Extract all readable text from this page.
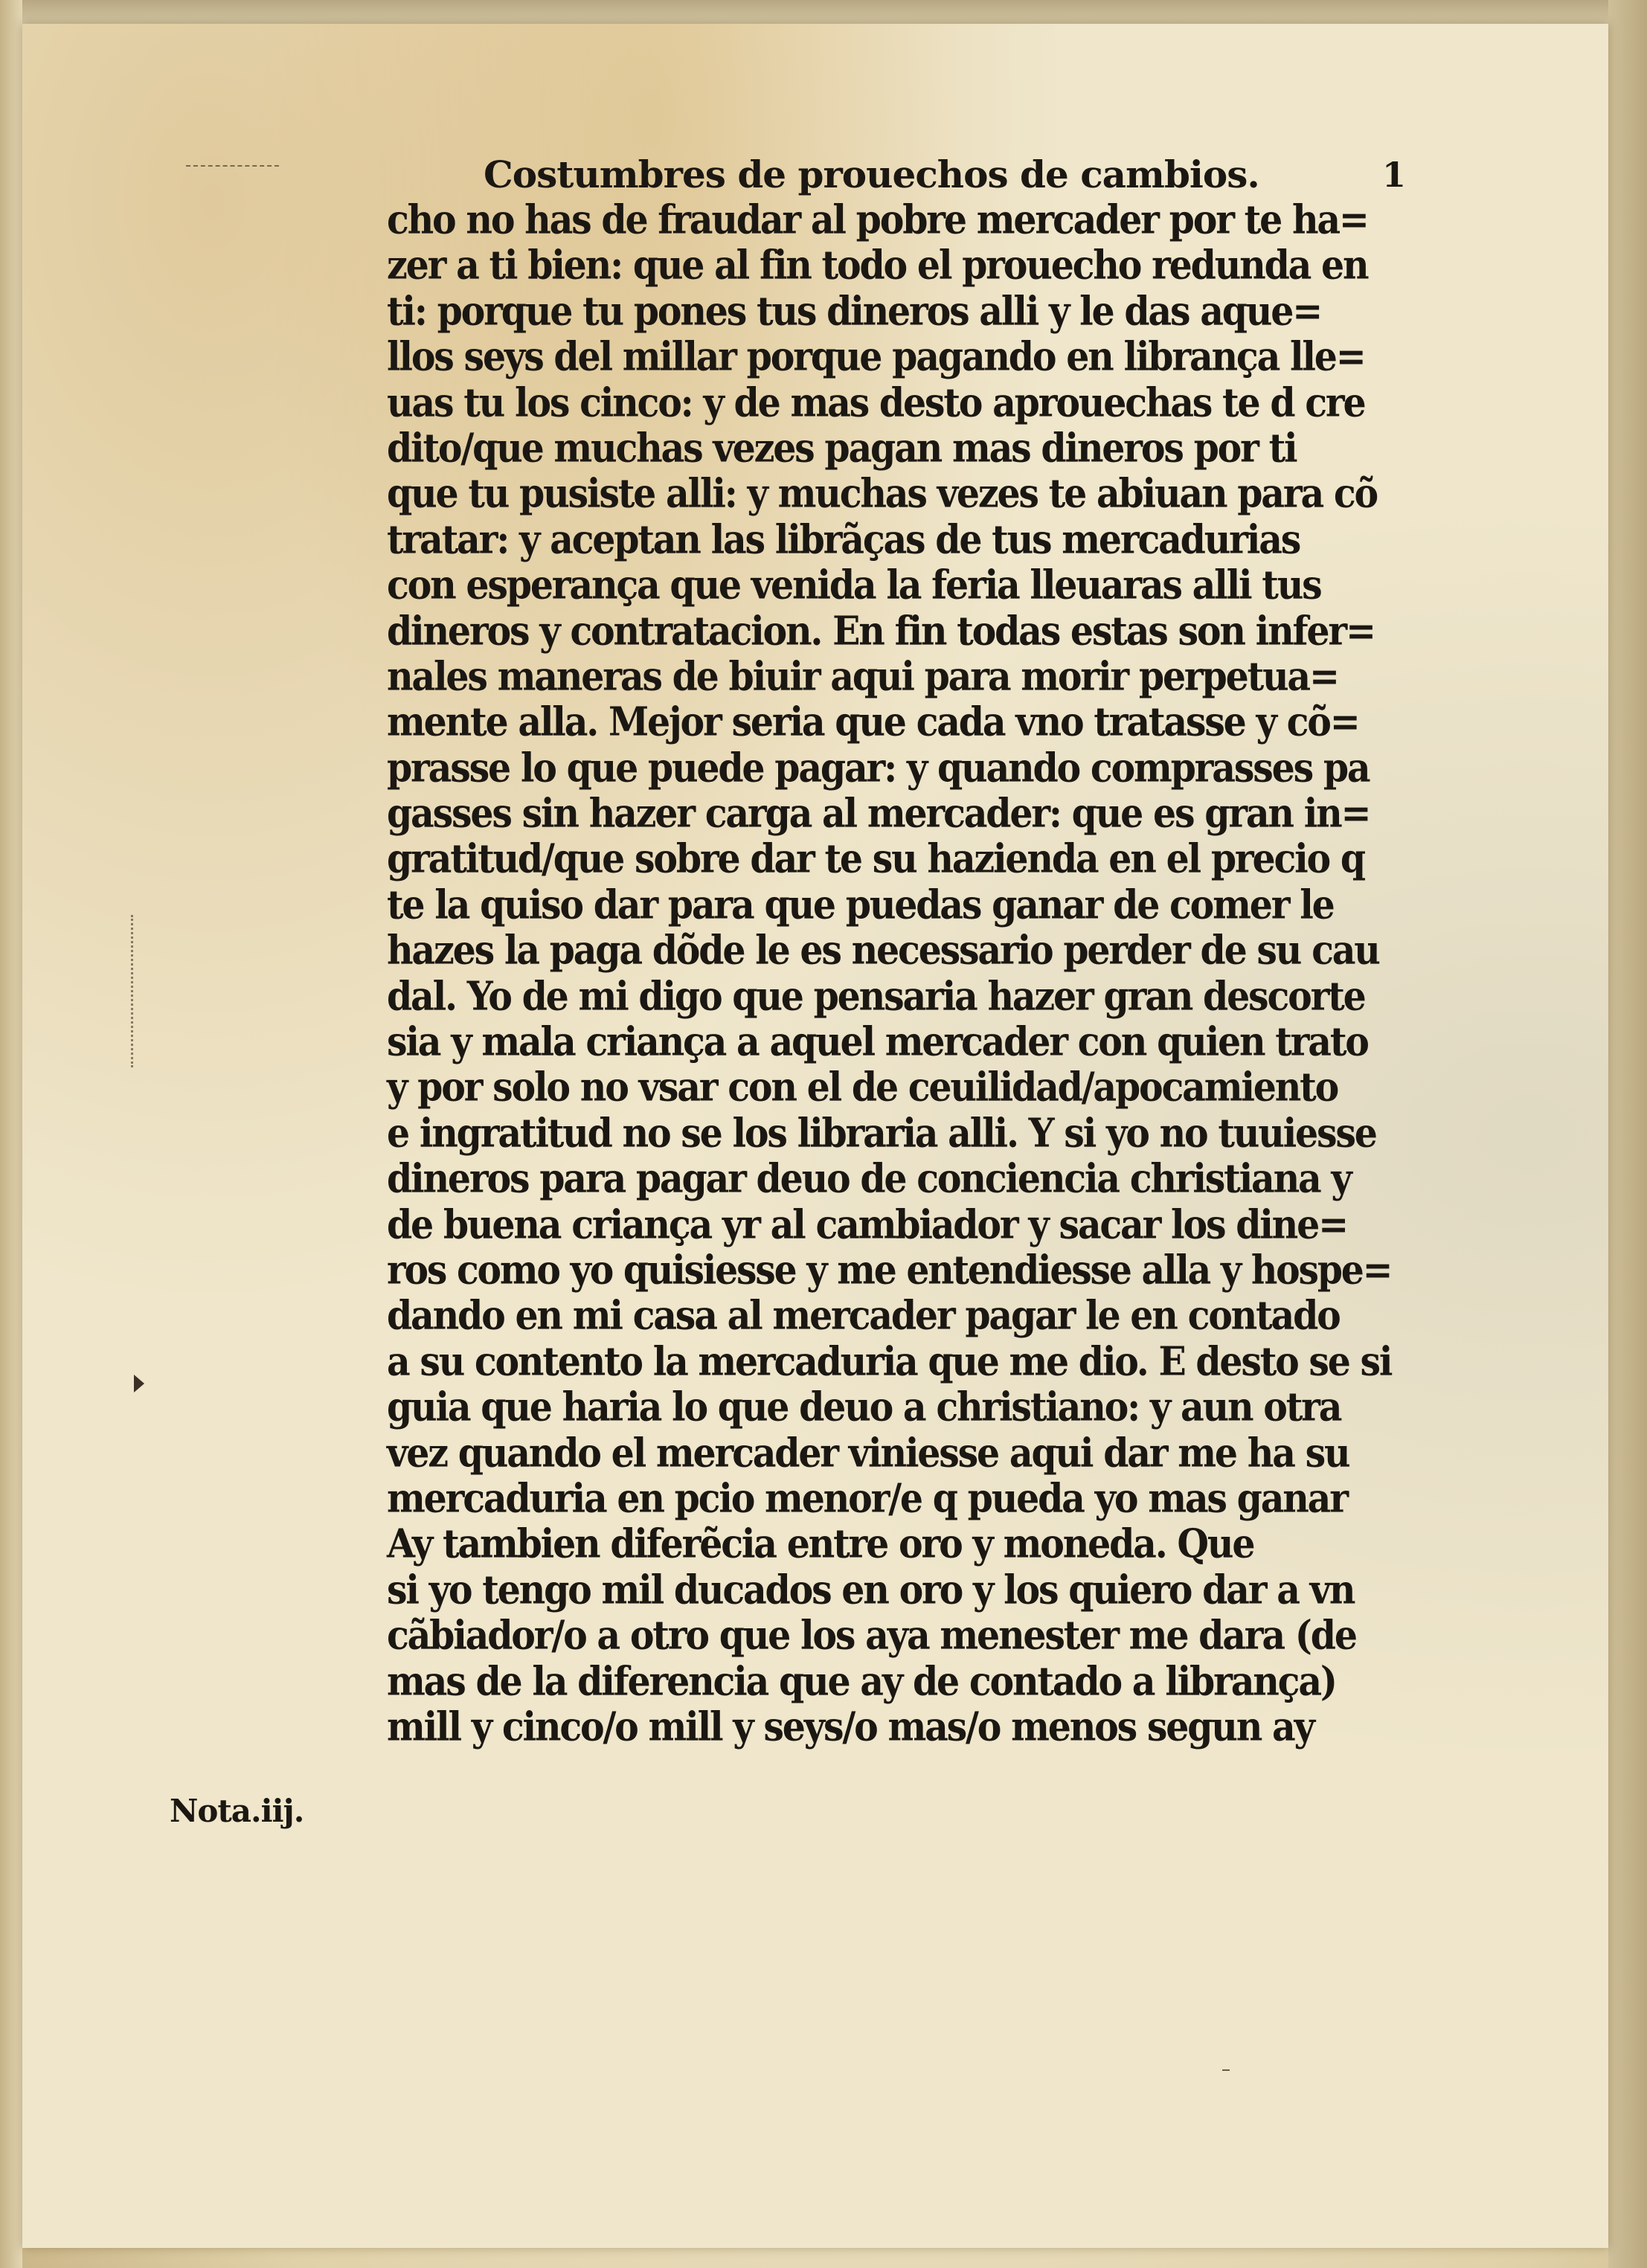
1
Nota.iij.
Costumbres de prouechos de cambios.
cho no has de fraudar al pobre mercader por te ha=
zer a ti bien: que al fin todo el prouecho redunda en
ti: porque tu pones tus dineros alli y le das aque=
llos seys del millar porque pagando en librança lle=
uas tu los cinco: y de mas desto aprouechas te d cre
dito/que muchas vezes pagan mas dineros por ti
que tu pusiste alli: y muchas vezes te abiuan para cõ
tratar: y aceptan las librãças de tus mercadurias
con esperança que venida la feria lleuaras alli tus
dineros y contratacion. En fin todas estas son infer=
nales maneras de biuir aqui para morir perpetua=
mente alla. Mejor seria que cada vno tratasse y cõ=
prasse lo que puede pagar: y quando comprasses pa
gasses sin hazer carga al mercader: que es gran in=
gratitud/que sobre dar te su hazienda en el precio q
te la quiso dar para que puedas ganar de comer le
hazes la paga dõde le es necessario perder de su cau
dal. Yo de mi digo que pensaria hazer gran descorte
sia y mala criança a aquel mercader con quien trato
y por solo no vsar con el de ceuilidad/apocamiento
e ingratitud no se los libraria alli. Y si yo no tuuiesse
dineros para pagar deuo de conciencia christiana y
de buena criança yr al cambiador y sacar los dine=
ros como yo quisiesse y me entendiesse alla y hospe=
dando en mi casa al mercader pagar le en contado
a su contento la mercaduria que me dio. E desto se si
guia que haria lo que deuo a christiano: y aun otra
vez quando el mercader viniesse aqui dar me ha su
mercaduria en pcio menor/e q pueda yo mas ganar
Ay tambien diferẽcia entre oro y moneda. Que
si yo tengo mil ducados en oro y los quiero dar a vn
cãbiador/o a otro que los aya menester me dara (de
mas de la diferencia que ay de contado a librança)
mill y cinco/o mill y seys/o mas/o menos segun ay
